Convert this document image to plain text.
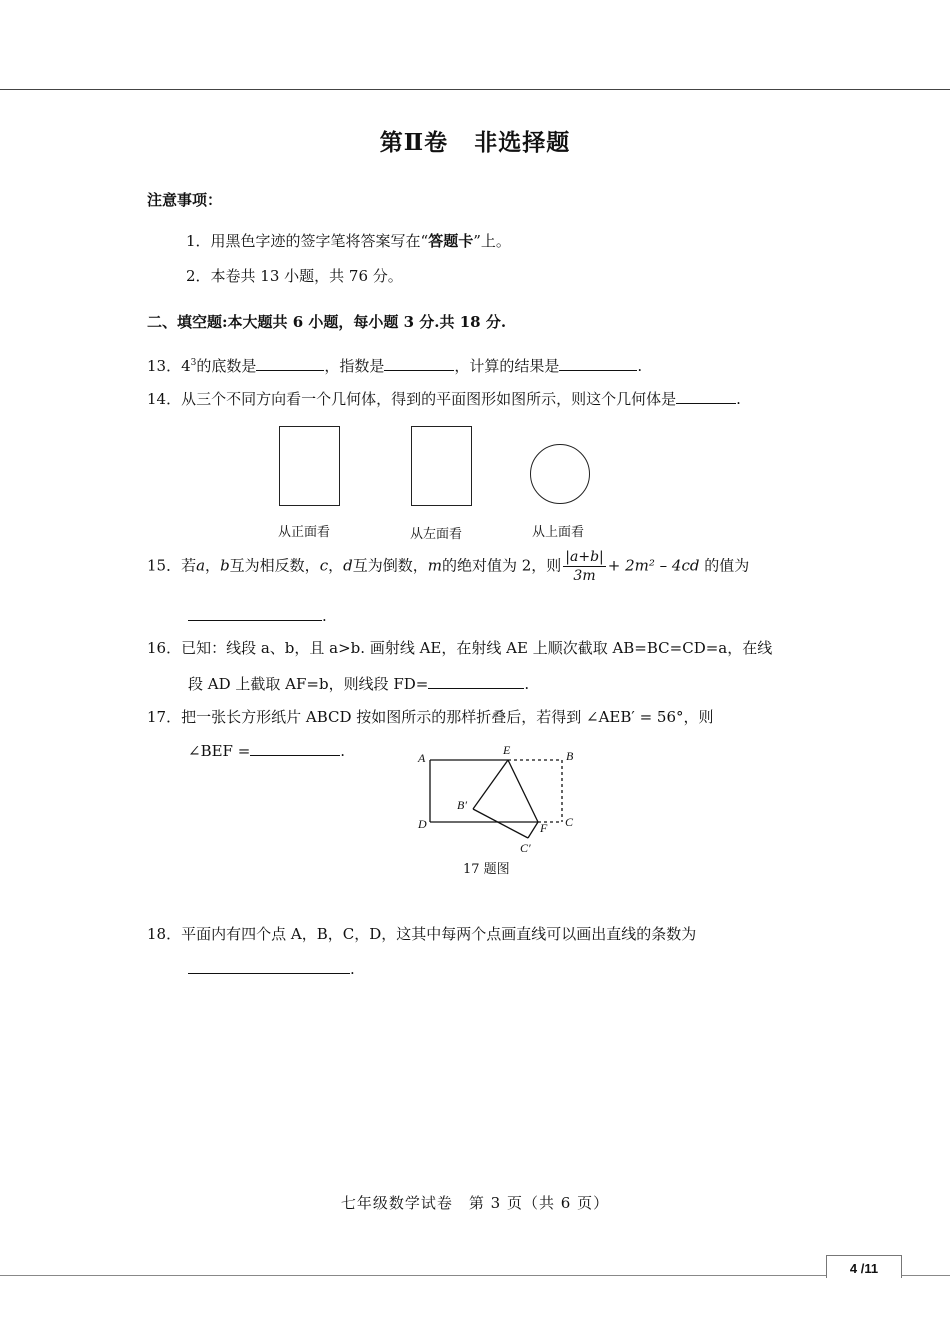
第Ⅱ卷 非选择题
注意事项：
1．用黑色字迹的签字笔将答案写在“答题卡”上。
2．本卷共 13 小题，共 76 分。
二、填空题:本大题共 6 小题，每小题 3 分.共 18 分.
13．$4^3$的底数是	，指数是	，计算的结果是	.
14．从三个不同方向看一个几何体，得到的平面图形如图所示，则这个几何体是	.
从正面看	从左面看	从上面看
15．若a，b互为相反数，c，d互为倒数，m的绝对值为 2，则 $\frac{|a+b|}{3m} + 2m^2 - 4cd$ 的值为
.
16．已知：线段 a、b，且 a>b. 画射线 AE，在射线 AE 上顺次截取 AB=BC=CD=a，在线
段 AD 上截取 AF=b，则线段 FD=	.
17．把一张长方形纸片 ABCD 按如图所示的那样折叠后，若得到 ∠AEB′ = 56°，则
∠BEF =	.	A
E	B
B′
D	F C
C′
17 题图
18．平面内有四个点 A，B，C，D，这其中每两个点画直线可以画出直线的条数为
.
七年级数学试卷　第 3 页（共 6 页）
4 /11
